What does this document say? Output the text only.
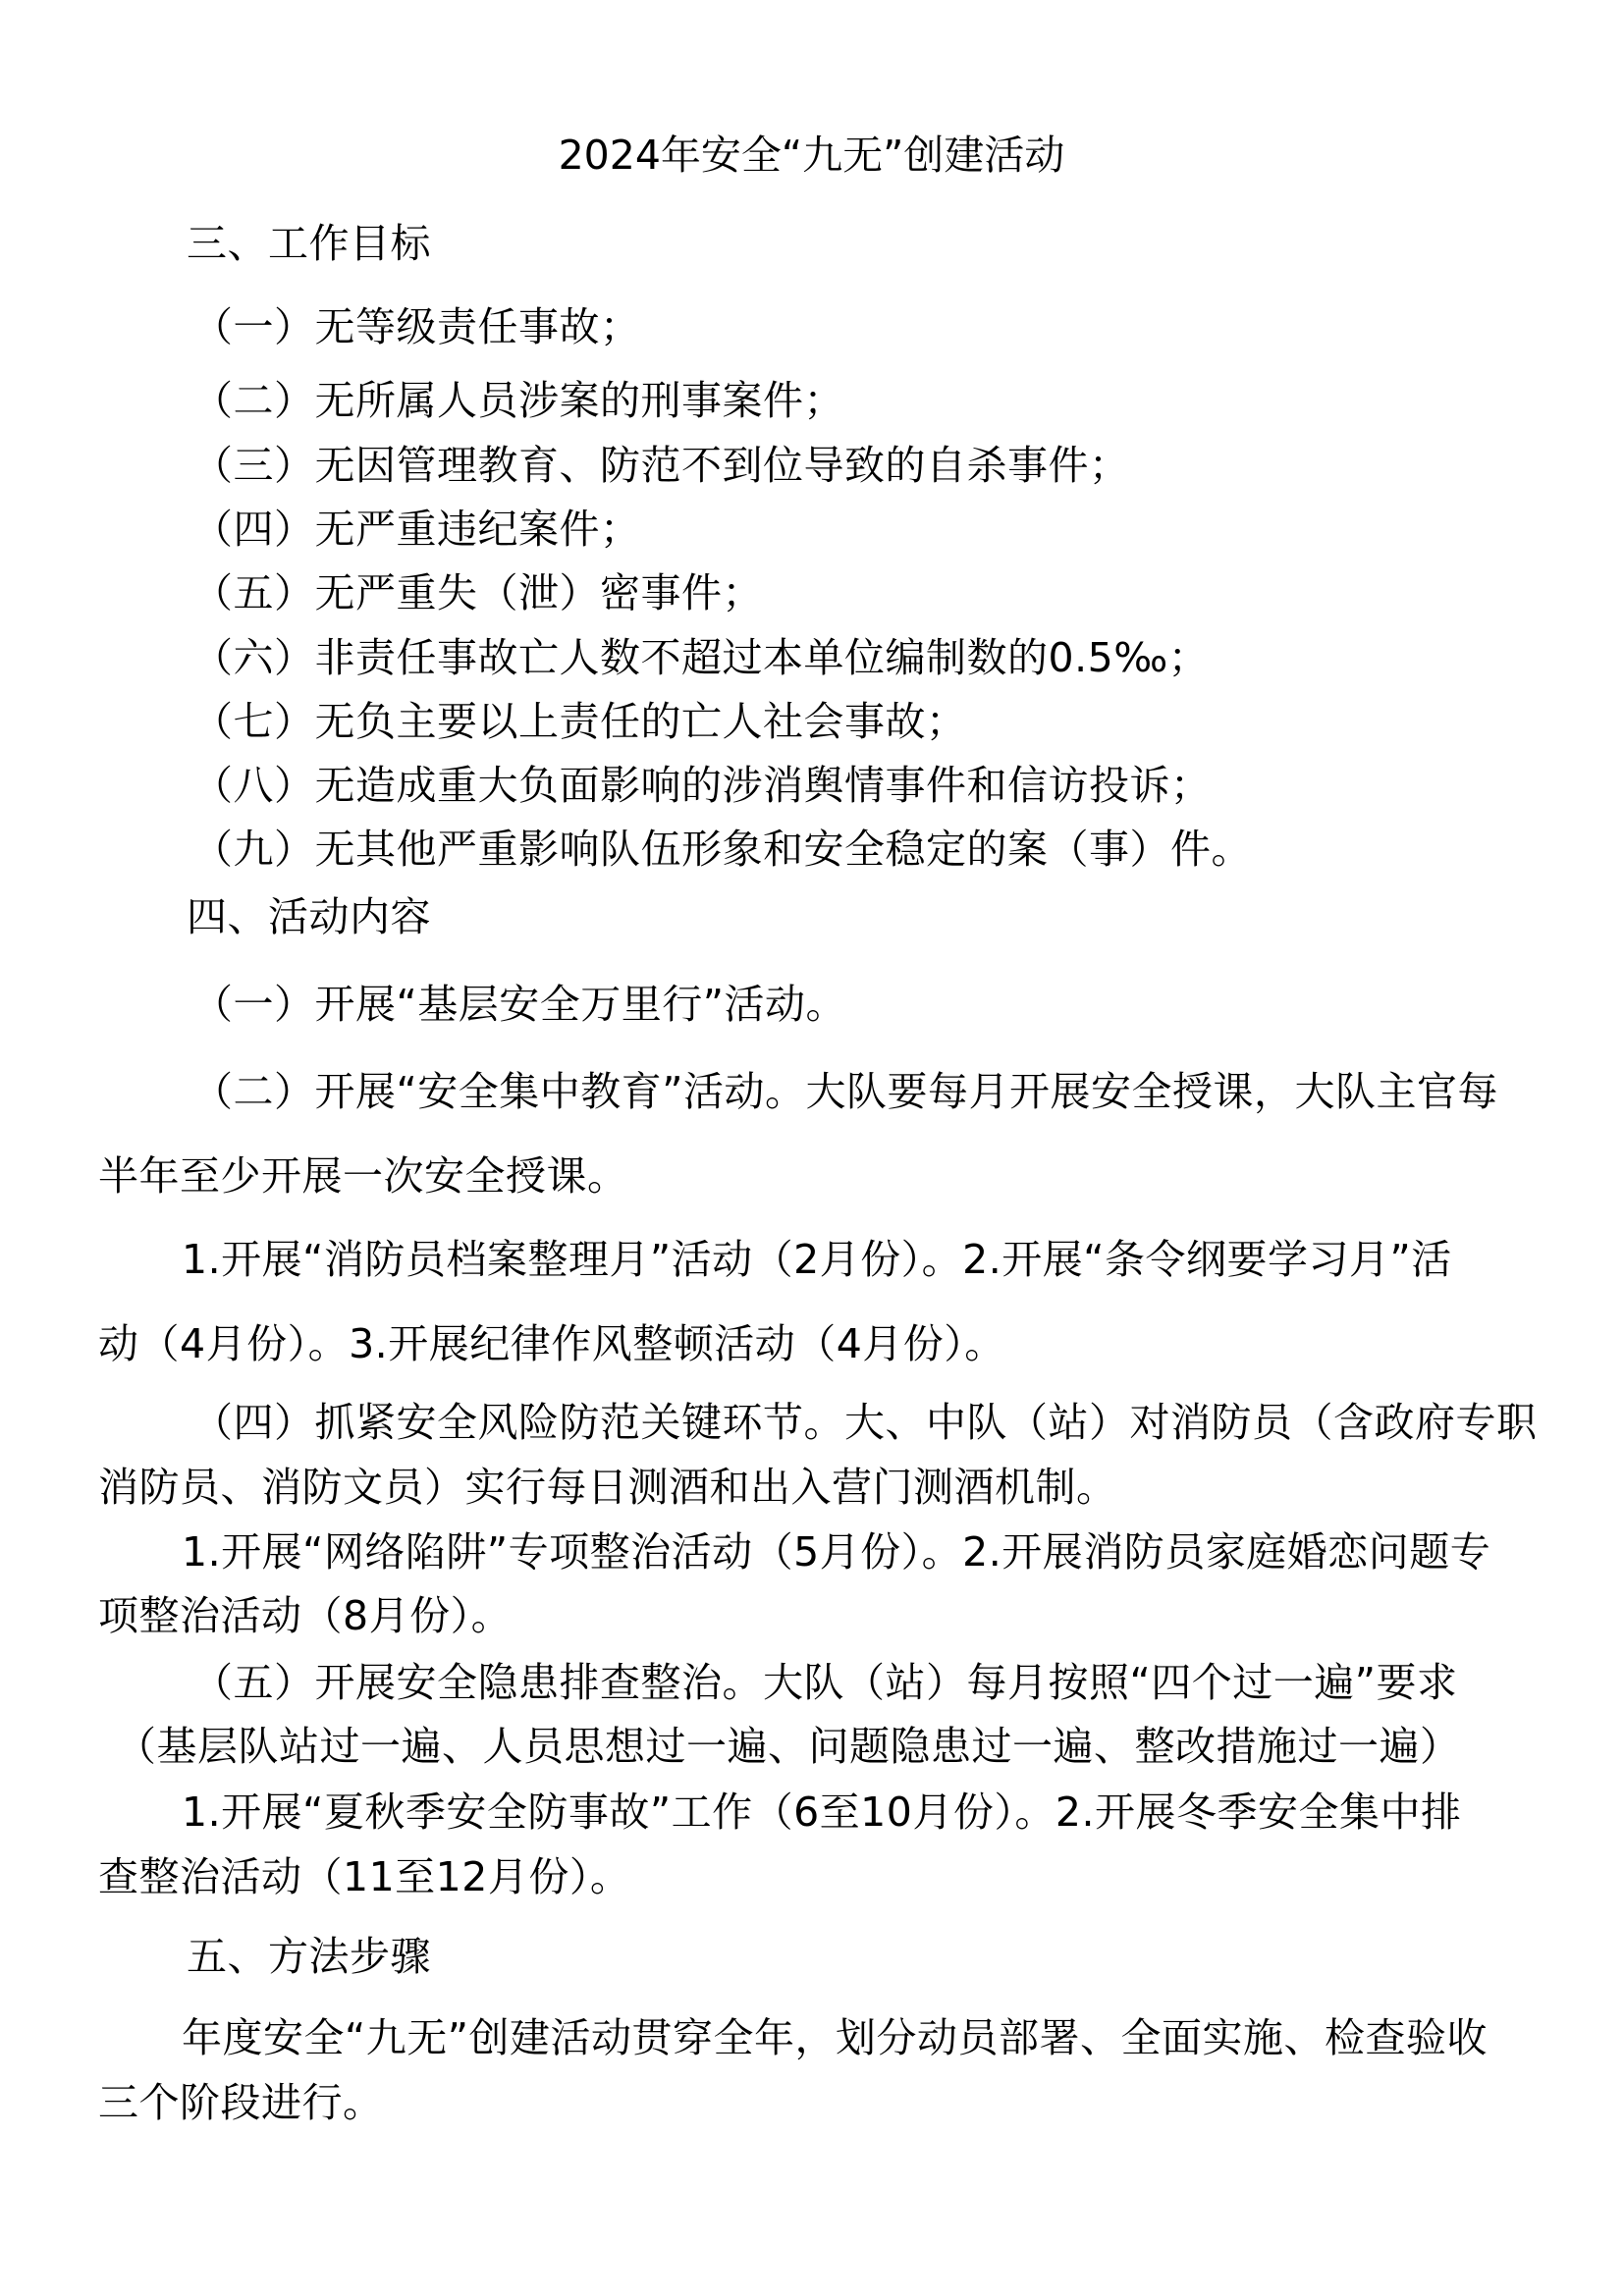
2024年安全“九无”创建活动
三、工作目标
（一）无等级责任事故；
（二）无所属人员涉案的刑事案件；
（三）无因管理教育、防范不到位导致的自杀事件；
（四）无严重违纪案件；
（五）无严重失（泄）密事件；
（六）非责任事故亡人数不超过本单位编制数的0.5‰；
（七）无负主要以上责任的亡人社会事故；
（八）无造成重大负面影响的涉消舆情事件和信访投诉；
（九）无其他严重影响队伍形象和安全稳定的案（事）件。
四、活动内容
（一）开展“基层安全万里行”活动。
（二）开展“安全集中教育”活动。大队要每月开展安全授课，大队主官每
半年至少开展一次安全授课。
1.开展“消防员档案整理月”活动（2月份）。2.开展“条令纲要学习月”活
动（4月份）。3.开展纪律作风整顿活动（4月份）。
（四）抓紧安全风险防范关键环节。大、中队（站）对消防员（含政府专职
消防员、消防文员）实行每日测酒和出入营门测酒机制。
1.开展“网络陷阱”专项整治活动（5月份）。2.开展消防员家庭婚恋问题专
项整治活动（8月份）。
（五）开展安全隐患排查整治。大队（站）每月按照“四个过一遍”要求
（基层队站过一遍、人员思想过一遍、问题隐患过一遍、整改措施过一遍）
1.开展“夏秋季安全防事故”工作（6至10月份）。2.开展冬季安全集中排
查整治活动（11至12月份）。
五、方法步骤
年度安全“九无”创建活动贯穿全年，划分动员部署、全面实施、检查验收
三个阶段进行。
